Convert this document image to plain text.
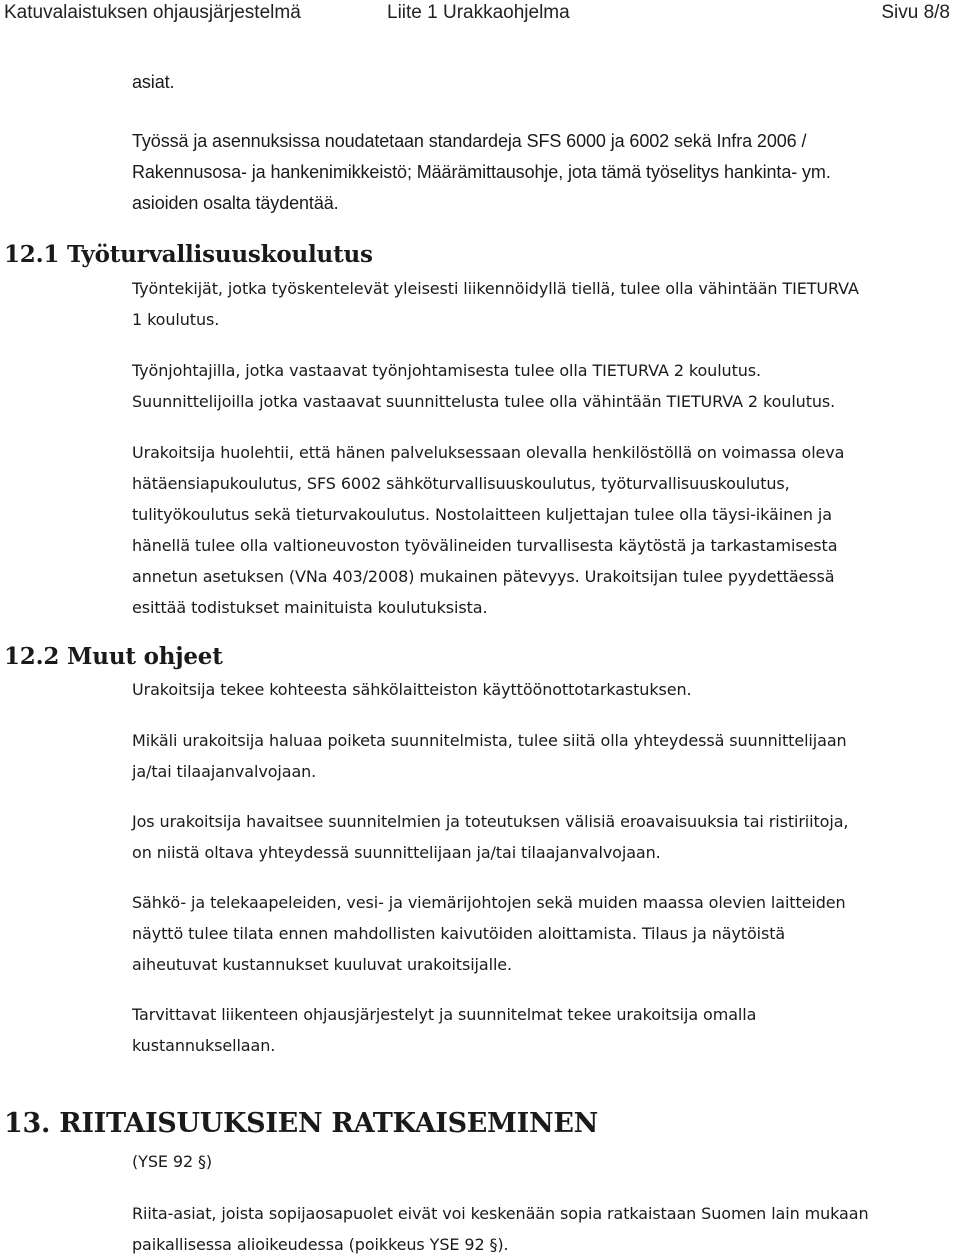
Katuvalaistuksen ohjausjärjestelmä	Liite 1 Urakkaohjelma	Sivu 8/8

asiat.

Työssä ja asennuksissa noudatetaan standardeja SFS 6000 ja 6002 sekä Infra 2006 /

Rakennusosa- ja hankenimikkeistö; Määrämittausohje, jota tämä työselitys hankinta- ym.

asioiden osalta täydentää.

12.1 Työturvallisuuskoulutus

Työntekijät, jotka työskentelevät yleisesti liikennöidyllä tiellä, tulee olla vähintään TIETURVA

1 koulutus.

Työnjohtajilla, jotka vastaavat työnjohtamisesta tulee olla TIETURVA 2 koulutus.

Suunnittelijoilla jotka vastaavat suunnittelusta tulee olla vähintään TIETURVA 2 koulutus.

Urakoitsija huolehtii, että hänen palveluksessaan olevalla henkilöstöllä on voimassa oleva

hätäensiapukoulutus, SFS 6002 sähköturvallisuuskoulutus, työturvallisuuskoulutus,

tulityökoulutus sekä tieturvakoulutus. Nostolaitteen kuljettajan tulee olla täysi-ikäinen ja

hänellä tulee olla valtioneuvoston työvälineiden turvallisesta käytöstä ja tarkastamisesta

annetun asetuksen (VNa 403/2008) mukainen pätevyys. Urakoitsijan tulee pyydettäessä

esittää todistukset mainituista koulutuksista.

12.2 Muut ohjeet

Urakoitsija tekee kohteesta sähkölaitteiston käyttöönottotarkastuksen.

Mikäli urakoitsija haluaa poiketa suunnitelmista, tulee siitä olla yhteydessä suunnittelijaan

ja/tai tilaajanvalvojaan.

Jos urakoitsija havaitsee suunnitelmien ja toteutuksen välisiä eroavaisuuksia tai ristiriitoja,

on niistä oltava yhteydessä suunnittelijaan ja/tai tilaajanvalvojaan.

Sähkö- ja telekaapeleiden, vesi- ja viemärijohtojen sekä muiden maassa olevien laitteiden

näyttö tulee tilata ennen mahdollisten kaivutöiden aloittamista. Tilaus ja näytöistä

aiheutuvat kustannukset kuuluvat urakoitsijalle.

Tarvittavat liikenteen ohjausjärjestelyt ja suunnitelmat tekee urakoitsija omalla

kustannuksellaan.

13. RIITAISUUKSIEN RATKAISEMINEN

(YSE 92 §)

Riita-asiat, joista sopijaosapuolet eivät voi keskenään sopia ratkaistaan Suomen lain mukaan

paikallisessa alioikeudessa (poikkeus YSE 92 §).
